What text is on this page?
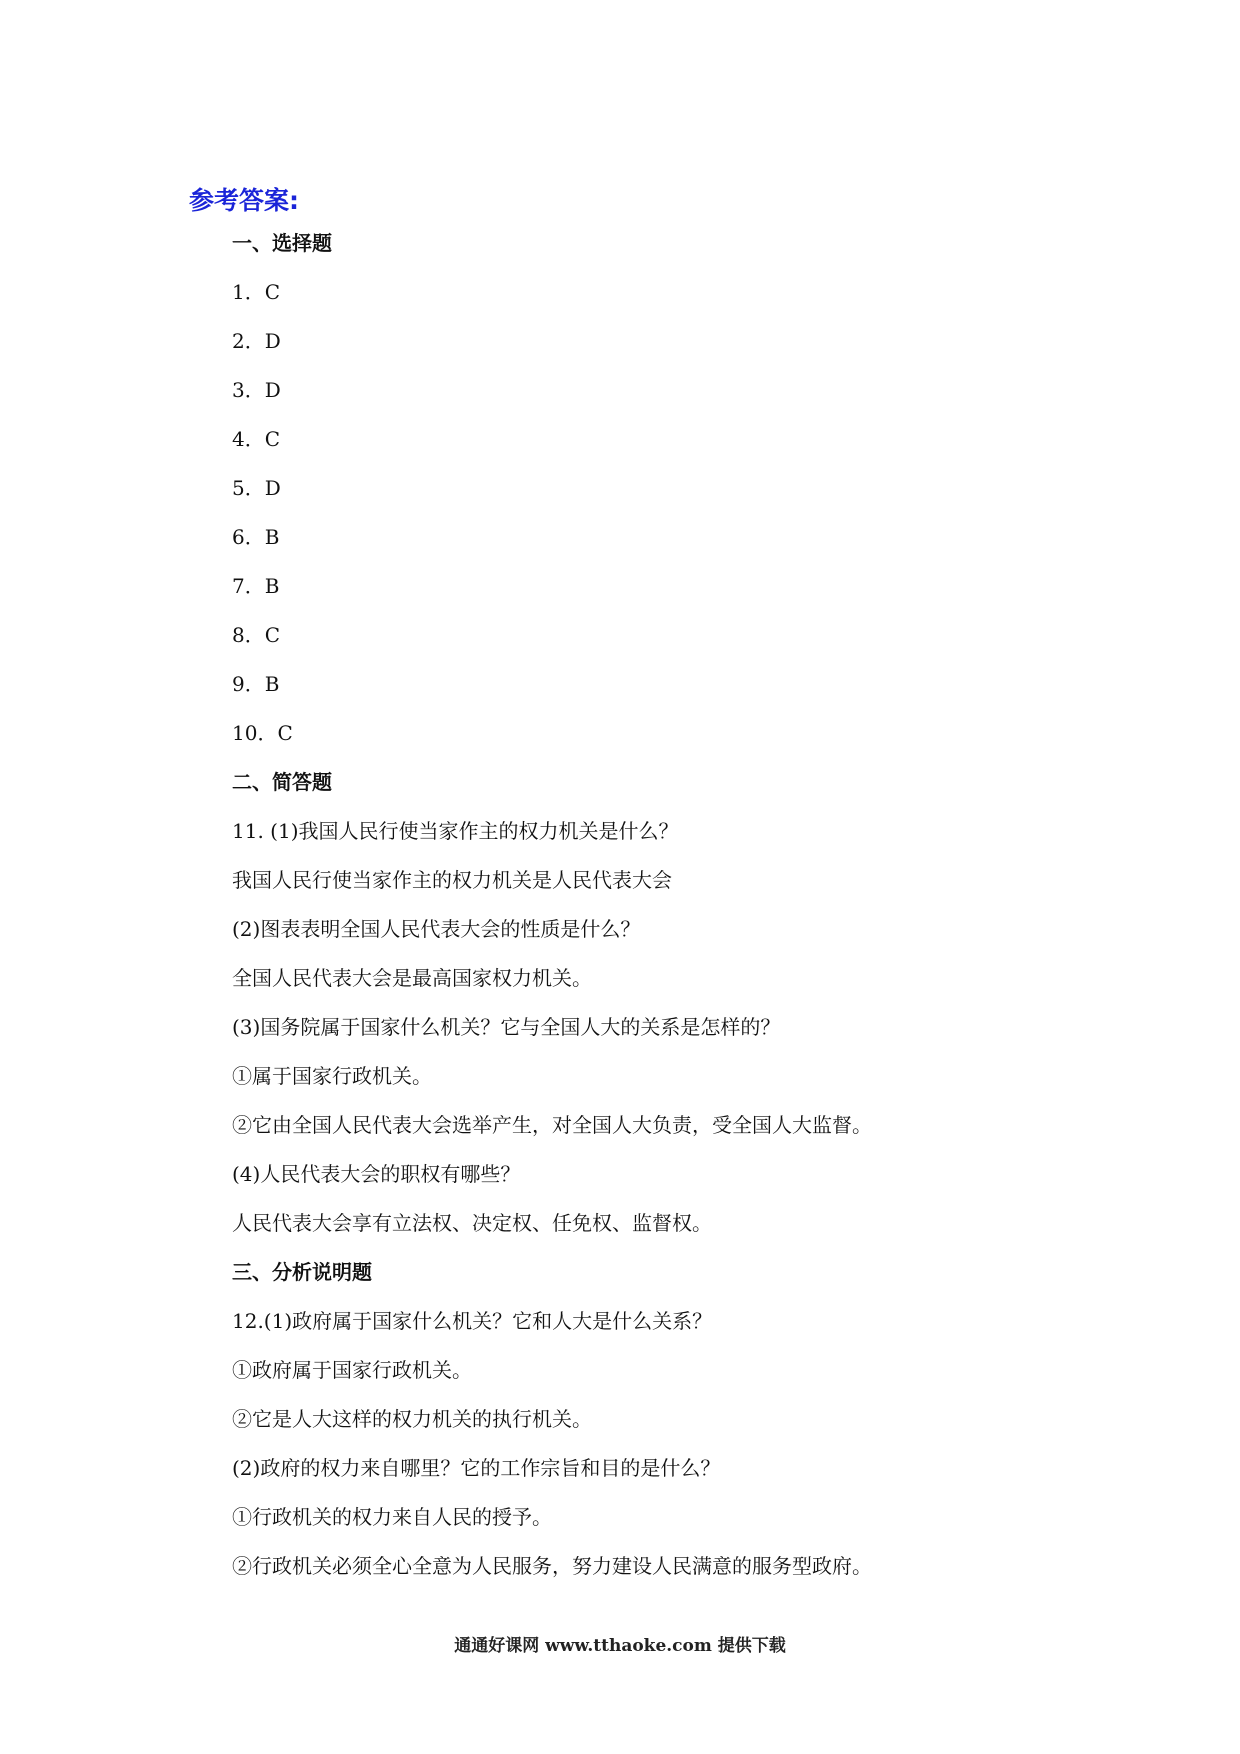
参考答案:
一、选择题
1．C
2．D
3．D
4．C
5．D
6．B
7．B
8．C
9．B
10．C
二、简答题
11. (1)我国人民行使当家作主的权力机关是什么？
我国人民行使当家作主的权力机关是人民代表大会
(2)图表表明全国人民代表大会的性质是什么？
全国人民代表大会是最高国家权力机关。
(3)国务院属于国家什么机关？它与全国人大的关系是怎样的？
①属于国家行政机关。
②它由全国人民代表大会选举产生，对全国人大负责，受全国人大监督。
(4)人民代表大会的职权有哪些？
人民代表大会享有立法权、决定权、任免权、监督权。
三、分析说明题
12.(1)政府属于国家什么机关？它和人大是什么关系？
①政府属于国家行政机关。
②它是人大这样的权力机关的执行机关。
(2)政府的权力来自哪里？它的工作宗旨和目的是什么？
①行政机关的权力来自人民的授予。
②行政机关必须全心全意为人民服务，努力建设人民满意的服务型政府。
通通好课网 www.tthaoke.com 提供下载
